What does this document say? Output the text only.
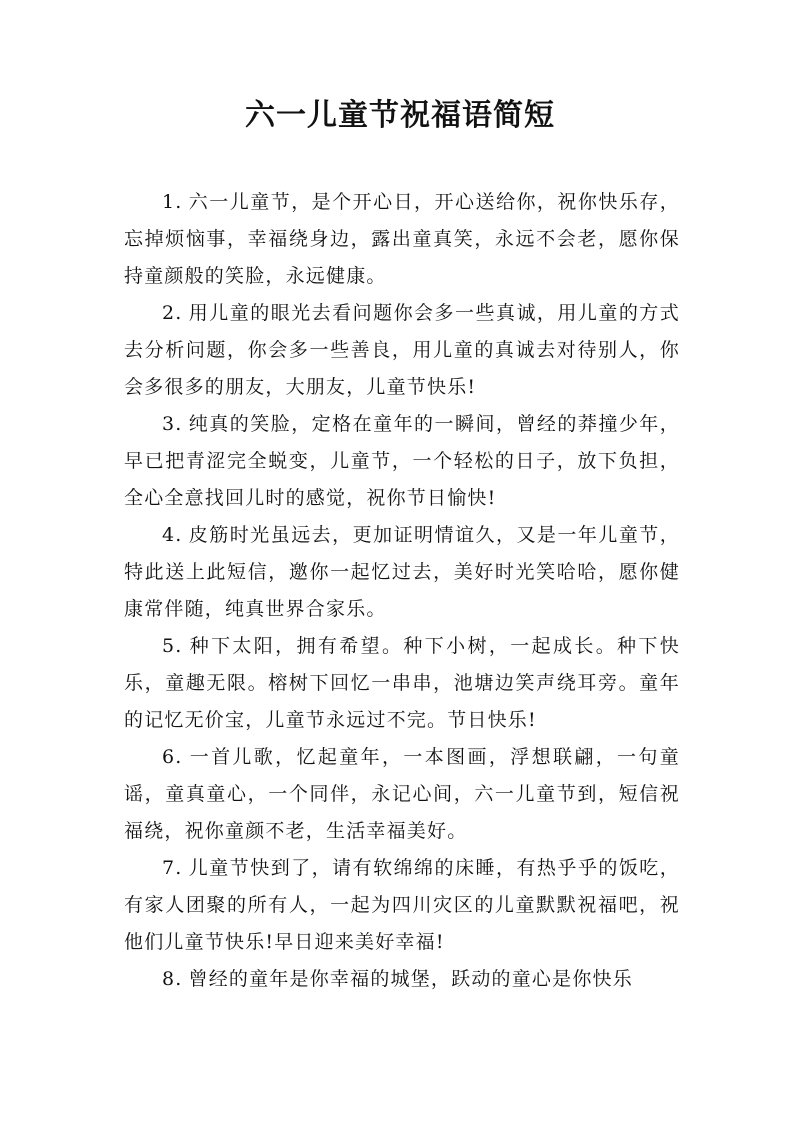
六一儿童节祝福语简短

1. 六一儿童节，是个开心日，开心送给你，祝你快乐存，忘掉烦恼事，幸福绕身边，露出童真笑，永远不会老，愿你保持童颜般的笑脸，永远健康。

2. 用儿童的眼光去看问题你会多一些真诚，用儿童的方式去分析问题，你会多一些善良，用儿童的真诚去对待别人，你会多很多的朋友，大朋友，儿童节快乐!

3. 纯真的笑脸，定格在童年的一瞬间，曾经的莽撞少年，早已把青涩完全蜕变，儿童节，一个轻松的日子，放下负担，全心全意找回儿时的感觉，祝你节日愉快!

4. 皮筋时光虽远去，更加证明情谊久，又是一年儿童节，特此送上此短信，邀你一起忆过去，美好时光笑哈哈，愿你健康常伴随，纯真世界合家乐。

5. 种下太阳，拥有希望。种下小树，一起成长。种下快乐，童趣无限。榕树下回忆一串串，池塘边笑声绕耳旁。童年的记忆无价宝，儿童节永远过不完。节日快乐!

6. 一首儿歌，忆起童年，一本图画，浮想联翩，一句童谣，童真童心，一个同伴，永记心间，六一儿童节到，短信祝福绕，祝你童颜不老，生活幸福美好。

7. 儿童节快到了，请有软绵绵的床睡，有热乎乎的饭吃，有家人团聚的所有人，一起为四川灾区的儿童默默祝福吧，祝他们儿童节快乐!早日迎来美好幸福!

8. 曾经的童年是你幸福的城堡，跃动的童心是你快乐
